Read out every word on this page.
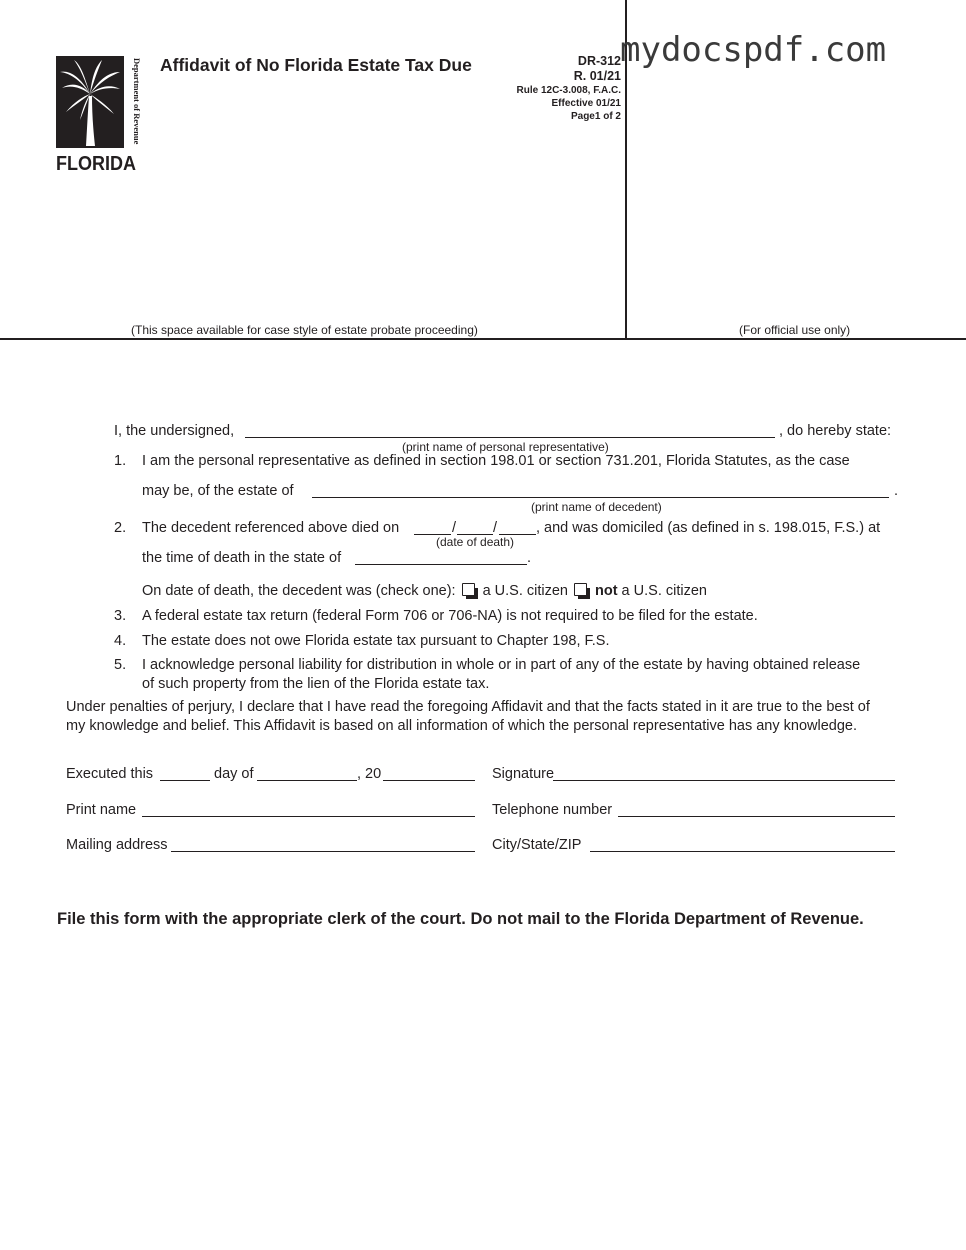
Department of Revenue
FLORIDA
Affidavit of No Florida Estate Tax Due	DR-312
R. 01/21
Rule 12C-3.008, F.A.C.
Effective 01/21
Page1 of 2
mydocspdf.com
(This space available for case style of estate probate proceeding)	(For official use only)
I, the undersigned,	, do hereby state:
(print name of personal representative)
1. I am the personal representative as defined in section 198.01 or section 731.201, Florida Statutes, as the case
may be, of the estate of	.
(print name of decedent)
2. The decedent referenced above died on	/	/	, and was domiciled (as defined in s. 198.015, F.S.) at
(date of death)
the time of death in the state of	.
On date of death, the decedent was (check one): a U.S. citizen not a U.S. citizen
3. A federal estate tax return (federal Form 706 or 706-NA) is not required to be filed for the estate.
4. The estate does not owe Florida estate tax pursuant to Chapter 198, F.S.
5. I acknowledge personal liability for distribution in whole or in part of any of the estate by having obtained release
of such property from the lien of the Florida estate tax.
Under penalties of perjury, I declare that I have read the foregoing Affidavit and that the facts stated in it are true to the best of
my knowledge and belief. This Affidavit is based on all information of which the personal representative has any knowledge.
Executed this	day of	, 20	Signature
Print name	Telephone number
Mailing address	City/State/ZIP
File this form with the appropriate clerk of the court. Do not mail to the Florida Department of Revenue.
